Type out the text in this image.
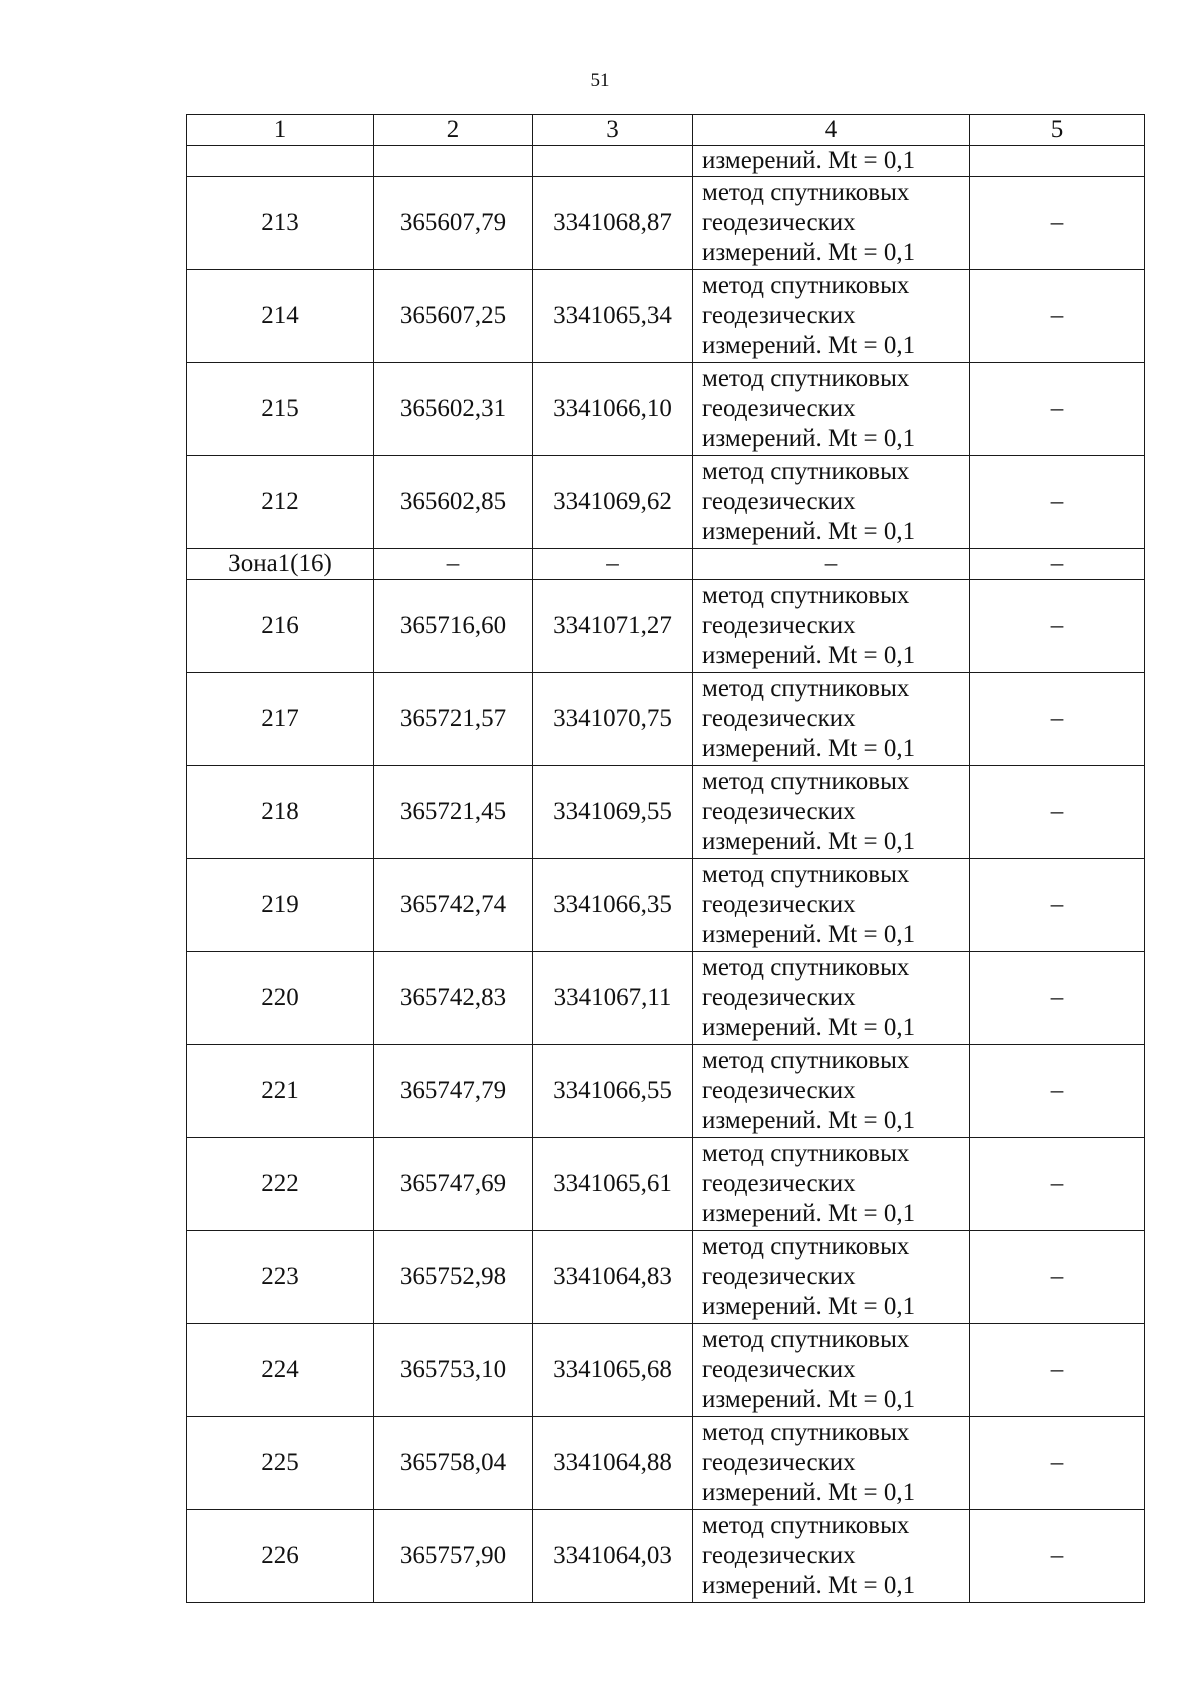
51
1	2	3	4	5
			измерений. Mt = 0,1	
213	365607,79	3341068,87	метод спутниковых
геодезических
измерений. Mt = 0,1	–
214	365607,25	3341065,34	метод спутниковых
геодезических
измерений. Mt = 0,1	–
215	365602,31	3341066,10	метод спутниковых
геодезических
измерений. Mt = 0,1	–
212	365602,85	3341069,62	метод спутниковых
геодезических
измерений. Mt = 0,1	–
Зона1(16)	–	–	–	–
216	365716,60	3341071,27	метод спутниковых
геодезических
измерений. Mt = 0,1	–
217	365721,57	3341070,75	метод спутниковых
геодезических
измерений. Mt = 0,1	–
218	365721,45	3341069,55	метод спутниковых
геодезических
измерений. Mt = 0,1	–
219	365742,74	3341066,35	метод спутниковых
геодезических
измерений. Mt = 0,1	–
220	365742,83	3341067,11	метод спутниковых
геодезических
измерений. Mt = 0,1	–
221	365747,79	3341066,55	метод спутниковых
геодезических
измерений. Mt = 0,1	–
222	365747,69	3341065,61	метод спутниковых
геодезических
измерений. Mt = 0,1	–
223	365752,98	3341064,83	метод спутниковых
геодезических
измерений. Mt = 0,1	–
224	365753,10	3341065,68	метод спутниковых
геодезических
измерений. Mt = 0,1	–
225	365758,04	3341064,88	метод спутниковых
геодезических
измерений. Mt = 0,1	–
226	365757,90	3341064,03	метод спутниковых
геодезических
измерений. Mt = 0,1	–
